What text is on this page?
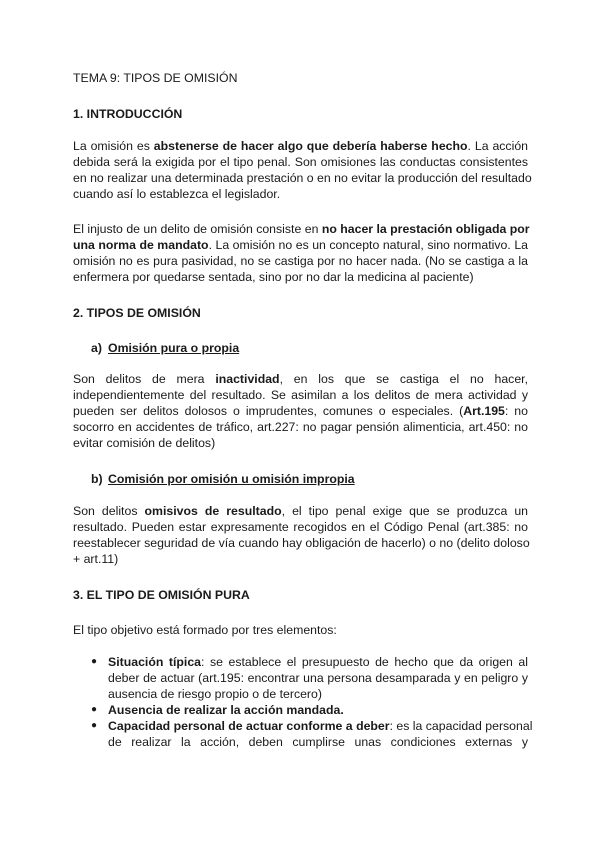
TEMA 9: TIPOS DE OMISIÓN
1. INTRODUCCIÓN
La omisión es abstenerse de hacer algo que debería haberse hecho. La acción
debida será la exigida por el tipo penal. Son omisiones las conductas consistentes
en no realizar una determinada prestación o en no evitar la producción del resultado
cuando así lo establezca el legislador.
El injusto de un delito de omisión consiste en no hacer la prestación obligada por
una norma de mandato. La omisión no es un concepto natural, sino normativo. La
omisión no es pura pasividad, no se castiga por no hacer nada. (No se castiga a la
enfermera por quedarse sentada, sino por no dar la medicina al paciente)
2. TIPOS DE OMISIÓN
a) Omisión pura o propia
Son delitos de mera inactividad, en los que se castiga el no hacer,
independientemente del resultado. Se asimilan a los delitos de mera actividad y
pueden ser delitos dolosos o imprudentes, comunes o especiales. (Art.195: no
socorro en accidentes de tráfico, art.227: no pagar pensión alimenticia, art.450: no
evitar comisión de delitos)
b) Comisión por omisión u omisión impropia
Son delitos omisivos de resultado, el tipo penal exige que se produzca un
resultado. Pueden estar expresamente recogidos en el Código Penal (art.385: no
reestablecer seguridad de vía cuando hay obligación de hacerlo) o no (delito doloso
+ art.11)
3. EL TIPO DE OMISIÓN PURA
El tipo objetivo está formado por tres elementos:
● Situación típica: se establece el presupuesto de hecho que da origen al
deber de actuar (art.195: encontrar una persona desamparada y en peligro y
ausencia de riesgo propio o de tercero)
● Ausencia de realizar la acción mandada.
● Capacidad personal de actuar conforme a deber: es la capacidad personal
de realizar la acción, deben cumplirse unas condiciones externas y
